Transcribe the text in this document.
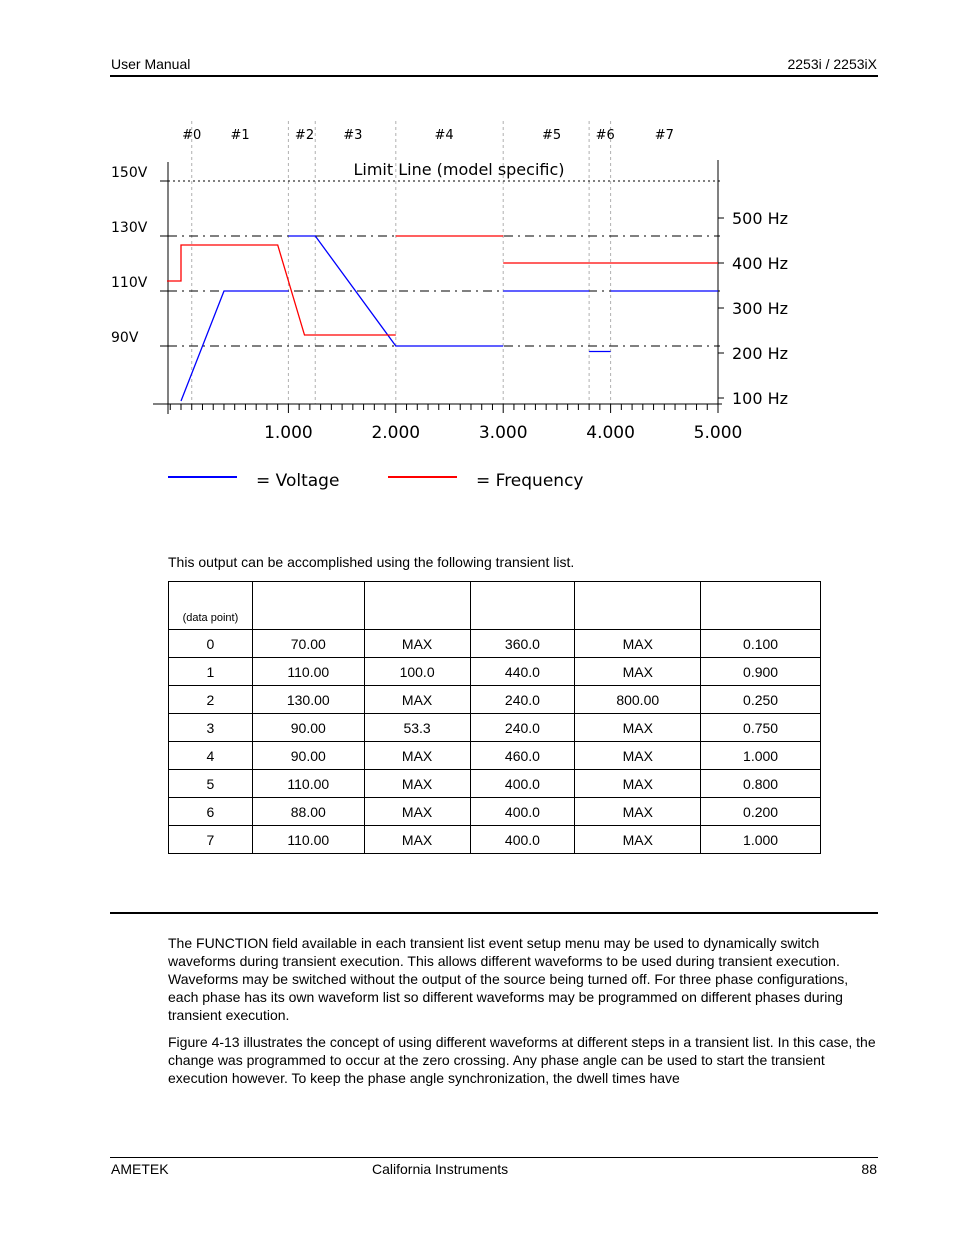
User Manual	2253i / 2253iX
#0 #1	#2 #3	#4	#5	#6	#7
Limit Line (model specific)
90V
110V
130V
150V
1.000	2.000	3.000	4.000	5.000
100 Hz
200 Hz
300 Hz
400 Hz
500 Hz
= Voltage	= Frequency
This output can be accomplished using the following transient list.
(data point)					
0	70.00	MAX	360.0	MAX	0.100
1	110.00	100.0	440.0	MAX	0.900
2	130.00	MAX	240.0	800.00	0.250
3	90.00	53.3	240.0	MAX	0.750
4	90.00	MAX	460.0	MAX	1.000
5	110.00	MAX	400.0	MAX	0.800
6	88.00	MAX	400.0	MAX	0.200
7	110.00	MAX	400.0	MAX	1.000

The FUNCTION field available in each transient list event setup menu may be used to dynamically switch waveforms during transient execution. This allows different waveforms to be used during transient execution. Waveforms may be switched without the output of the source being turned off. For three phase configurations, each phase has its own waveform list so different waveforms may be programmed on different phases during transient execution.

Figure 4-13 illustrates the concept of using different waveforms at different steps in a transient list. In this case, the change was programmed to occur at the zero crossing. Any phase angle can be used to start the transient execution however. To keep the phase angle synchronization, the dwell times have

AMETEK	California Instruments	88
